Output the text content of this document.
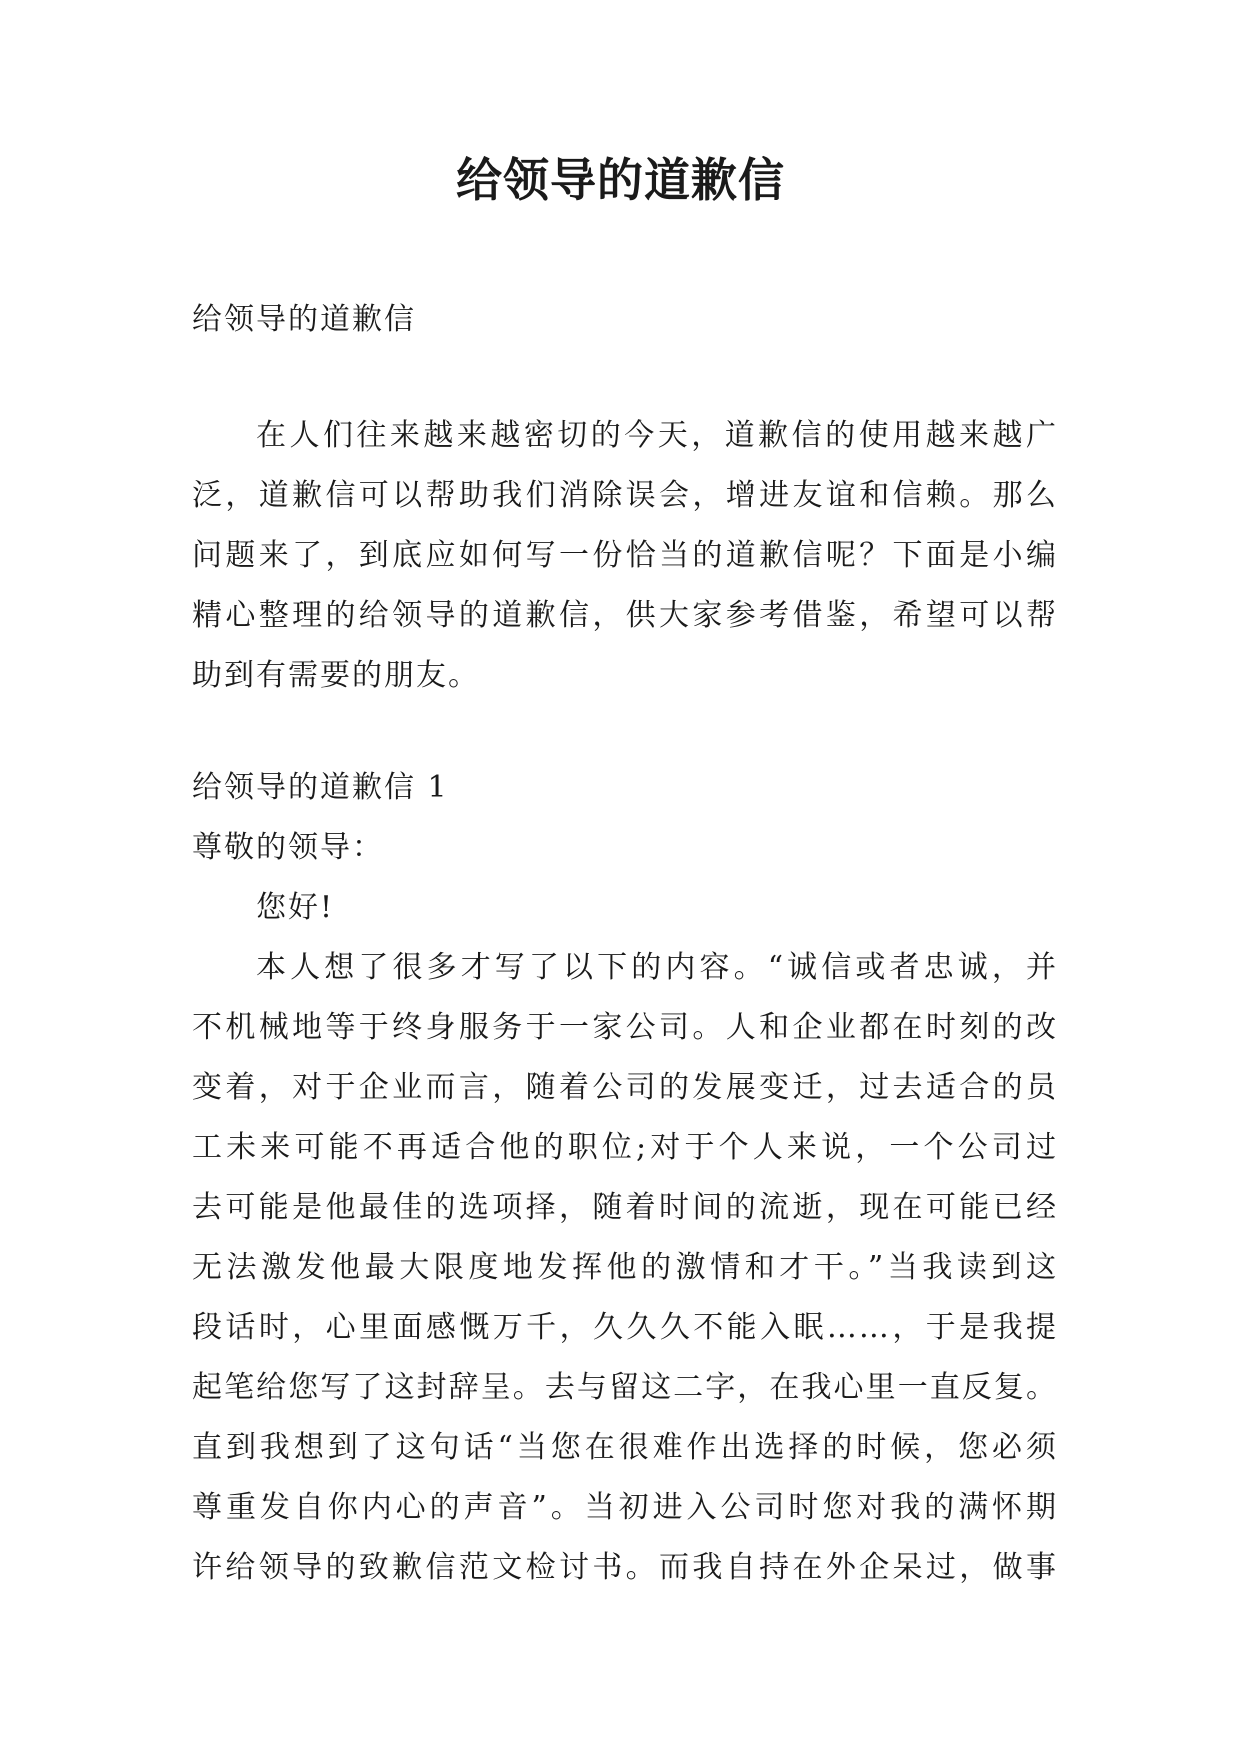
给领导的道歉信

给领导的道歉信

在人们往来越来越密切的今天，道歉信的使用越来越广
泛，道歉信可以帮助我们消除误会，增进友谊和信赖。那么
问题来了，到底应如何写一份恰当的道歉信呢？下面是小编
精心整理的给领导的道歉信，供大家参考借鉴，希望可以帮
助到有需要的朋友。

给领导的道歉信 1

尊敬的领导：

您好!

本人想了很多才写了以下的内容。“诚信或者忠诚，并
不机械地等于终身服务于一家公司。人和企业都在时刻的改
变着，对于企业而言，随着公司的发展变迁，过去适合的员
工未来可能不再适合他的职位;对于个人来说，一个公司过
去可能是他最佳的选项择，随着时间的流逝，现在可能已经
无法激发他最大限度地发挥他的激情和才干。”当我读到这
段话时，心里面感慨万千，久久久不能入眠……，于是我提
起笔给您写了这封辞呈。去与留这二字，在我心里一直反复。
直到我想到了这句话“当您在很难作出选择的时候，您必须
尊重发自你内心的声音”。当初进入公司时您对我的满怀期
许给领导的致歉信范文检讨书。而我自持在外企呆过，做事
